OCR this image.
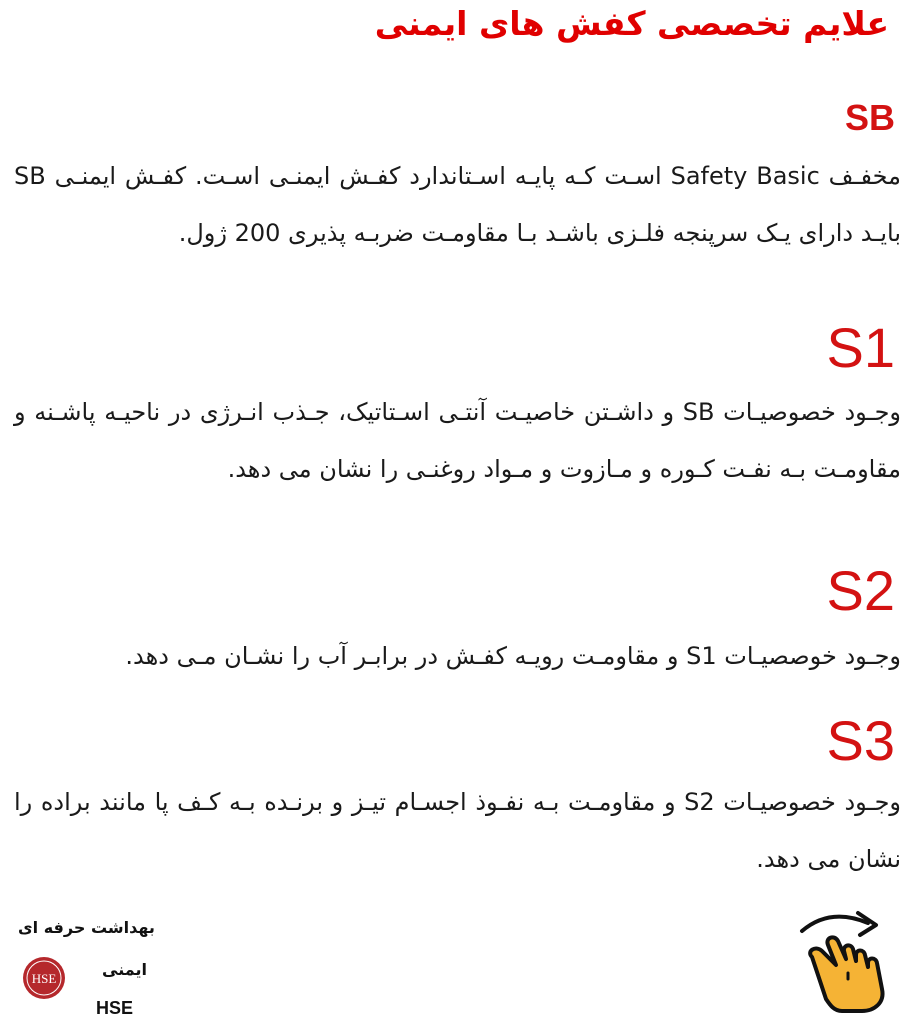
علایم تخصصی کفش های ایمنی
SB

مخفـف Safety Basic اسـت کـه پایـه اسـتاندارد کفـش ایمنـی اسـت. کفـش ایمنـی SB بایـد دارای یـک سرپنجه فلـزی باشـد بـا مقاومـت ضربـه پذیری 200 ژول.

S1

وجـود خصوصیـات SB و داشـتن خاصیـت آنتـی اسـتاتیک، جـذب انـرژی در ناحیـه پاشـنه و مقاومـت بـه نفـت کـوره و مـازوت و مـواد روغنـی را نشان می دهد.

S2

وجـود خوصصیـات S1 و مقاومـت رویـه کفـش در برابـر آب را نشـان مـی دهد.

S3

وجـود خصوصیـات S2 و مقاومـت بـه نفـوذ اجسـام تیـز و برنـده بـه کـف پا مانند براده را نشان می دهد.

بهداشت حرفه ای
HSE	ایمنی
HSE
